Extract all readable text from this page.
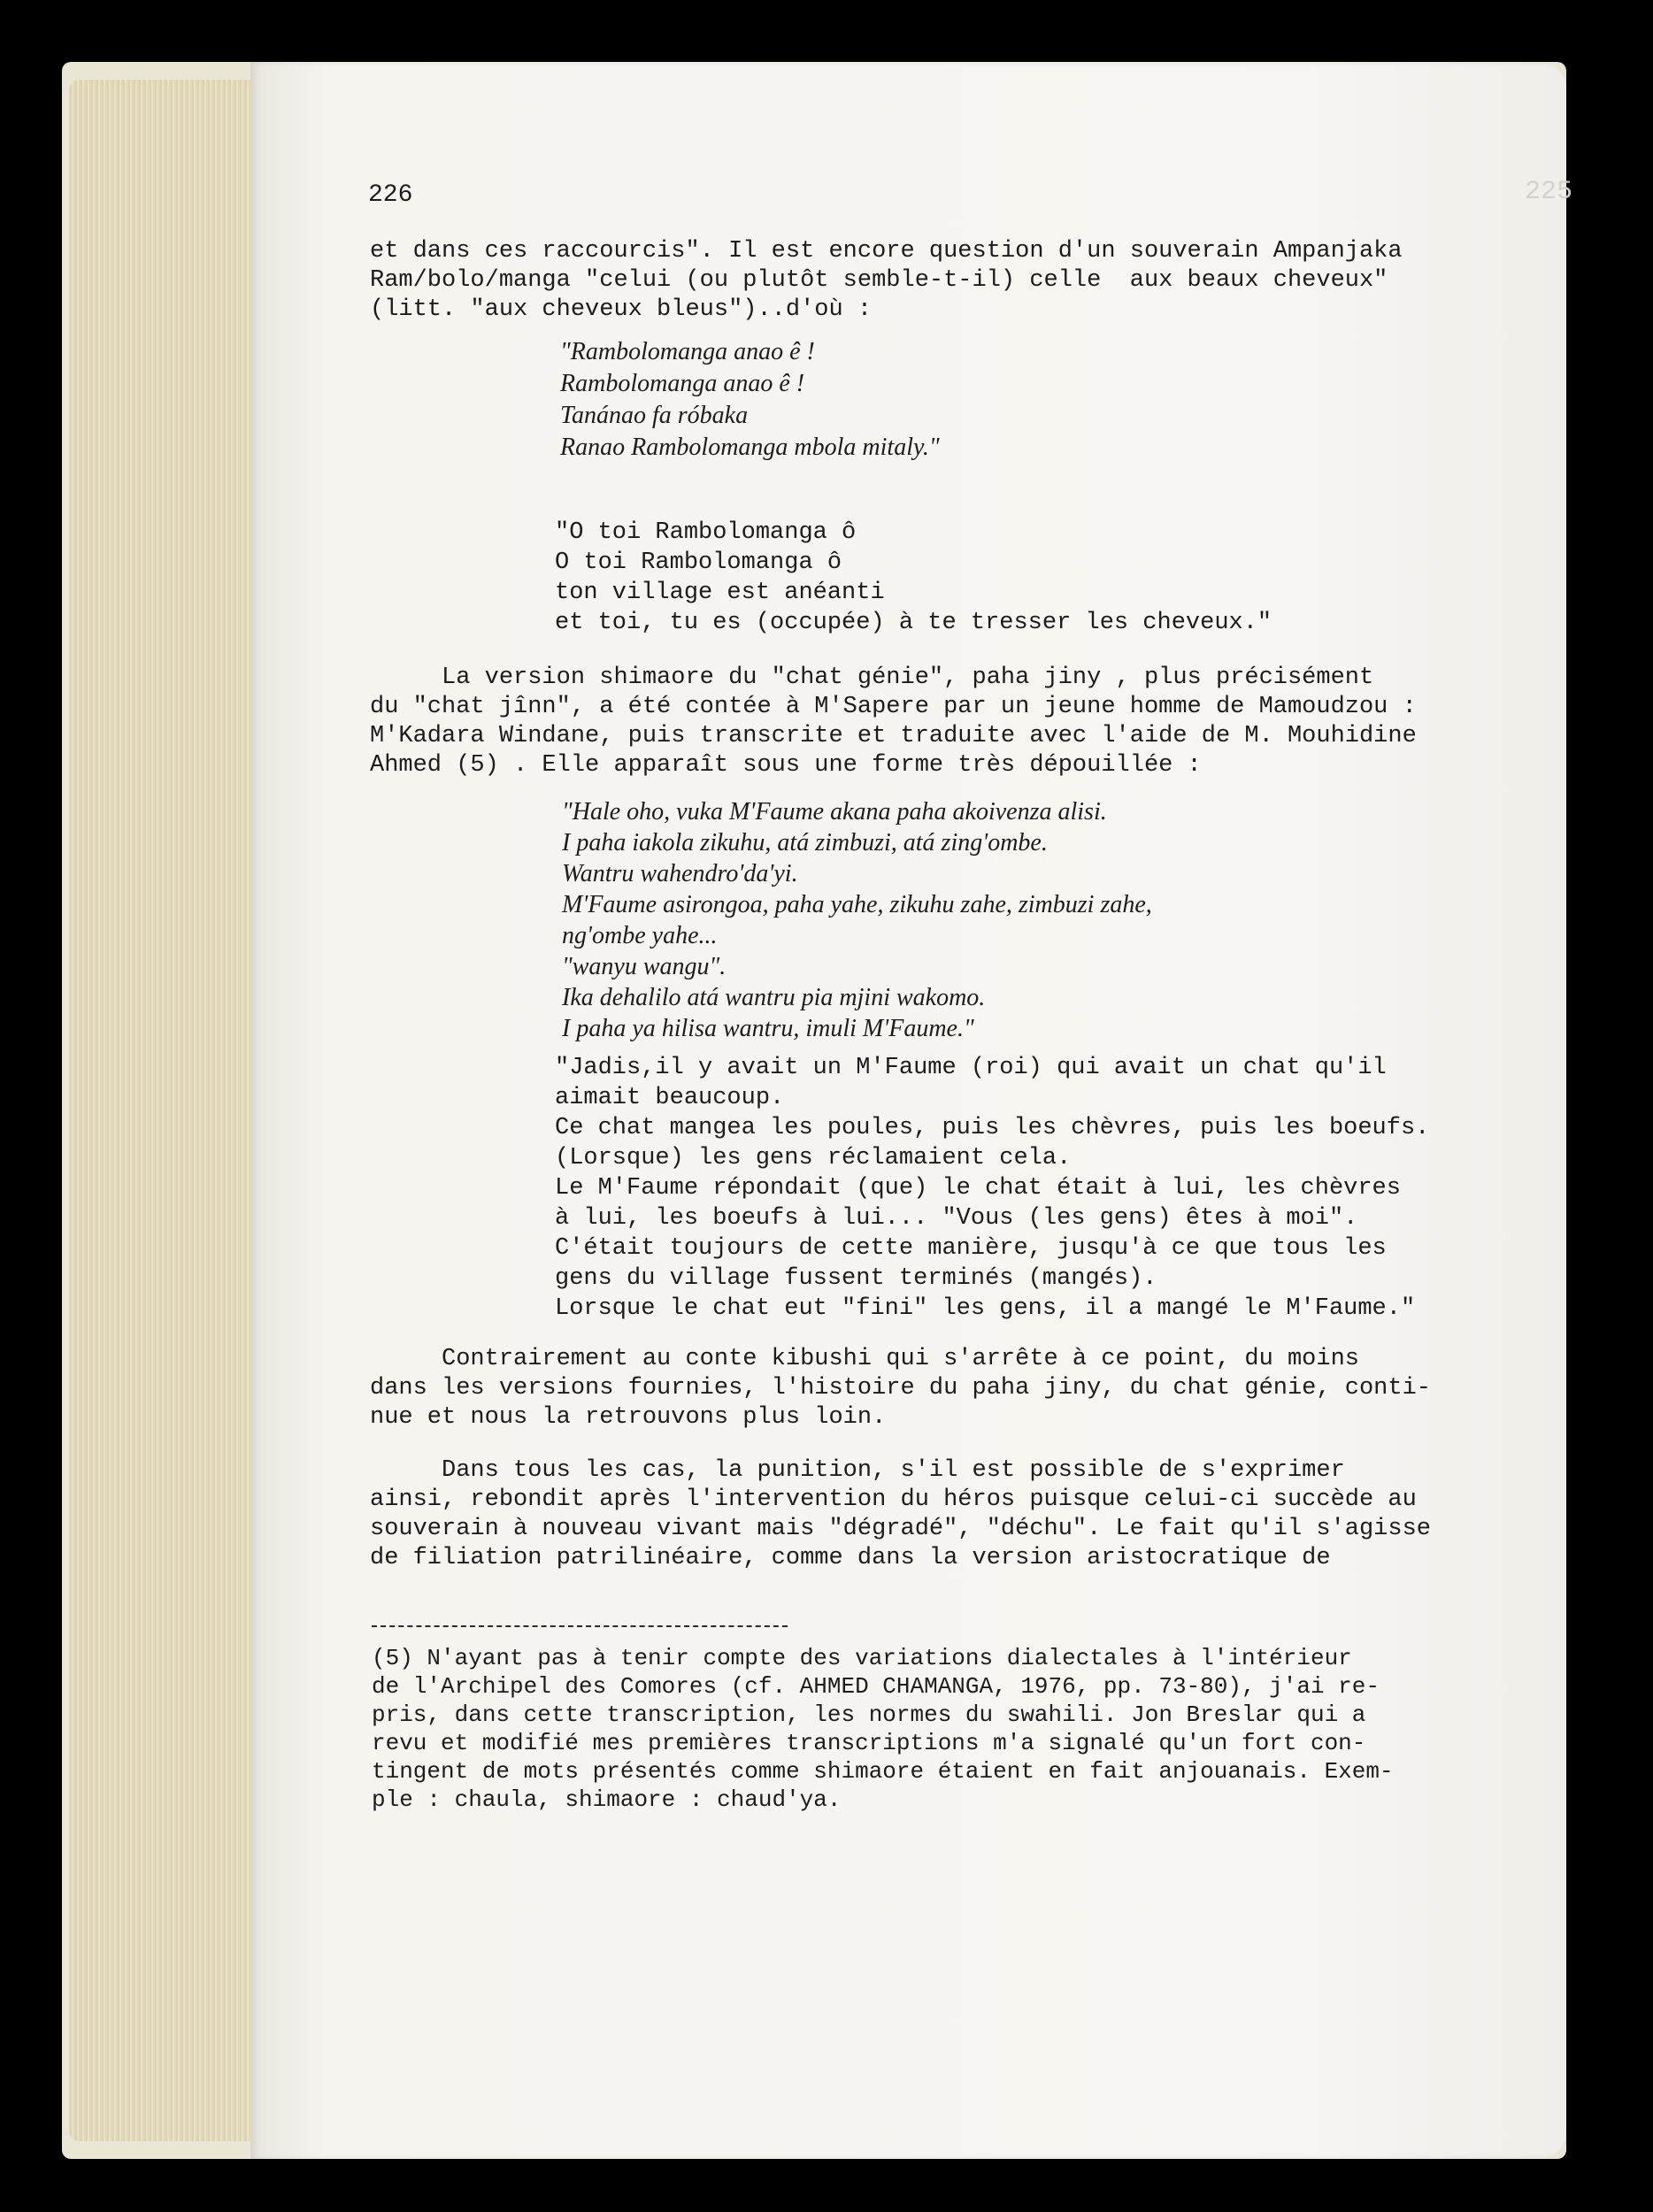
226	225
et dans ces raccourcis". Il est encore question d'un souverain Ampanjaka
Ram/bolo/manga "celui (ou plutôt semble-t-il) celle  aux beaux cheveux"
(litt. "aux cheveux bleus")..d'où :
"Rambolomanga anao ê !
Rambolomanga anao ê !
Tanánao fa róbaka
Ranao Rambolomanga mbola mitaly."
"O toi Rambolomanga ô
O toi Rambolomanga ô
ton village est anéanti
et toi, tu es (occupée) à te tresser les cheveux."
La version shimaore du "chat génie", paha jiny , plus précisément
du "chat jînn", a été contée à M'Sapere par un jeune homme de Mamoudzou :
M'Kadara Windane, puis transcrite et traduite avec l'aide de M. Mouhidine
Ahmed (5) . Elle apparaît sous une forme très dépouillée :
"Hale oho, vuka M'Faume akana paha akoivenza alisi.
I paha iakola zikuhu, atá zimbuzi, atá zing'ombe.
Wantru wahendro'da'yi.
M'Faume asirongoa, paha yahe, zikuhu zahe, zimbuzi zahe,
ng'ombe yahe...
"wanyu wangu".
Ika dehalilo atá wantru pia mjini wakomo.
I paha ya hilisa wantru, imuli M'Faume."
"Jadis,il y avait un M'Faume (roi) qui avait un chat qu'il
aimait beaucoup.
Ce chat mangea les poules, puis les chèvres, puis les boeufs.
(Lorsque) les gens réclamaient cela.
Le M'Faume répondait (que) le chat était à lui, les chèvres
à lui, les boeufs à lui... "Vous (les gens) êtes à moi".
C'était toujours de cette manière, jusqu'à ce que tous les
gens du village fussent terminés (mangés).
Lorsque le chat eut "fini" les gens, il a mangé le M'Faume."
Contrairement au conte kibushi qui s'arrête à ce point, du moins
dans les versions fournies, l'histoire du paha jiny, du chat génie, conti-
nue et nous la retrouvons plus loin.
Dans tous les cas, la punition, s'il est possible de s'exprimer
ainsi, rebondit après l'intervention du héros puisque celui-ci succède au
souverain à nouveau vivant mais "dégradé", "déchu". Le fait qu'il s'agisse
de filiation patrilinéaire, comme dans la version aristocratique de
(5) N'ayant pas à tenir compte des variations dialectales à l'intérieur
de l'Archipel des Comores (cf. AHMED CHAMANGA, 1976, pp. 73-80), j'ai re-
pris, dans cette transcription, les normes du swahili. Jon Breslar qui a
revu et modifié mes premières transcriptions m'a signalé qu'un fort con-
tingent de mots présentés comme shimaore étaient en fait anjouanais. Exem-
ple : chaula, shimaore : chaud'ya.
